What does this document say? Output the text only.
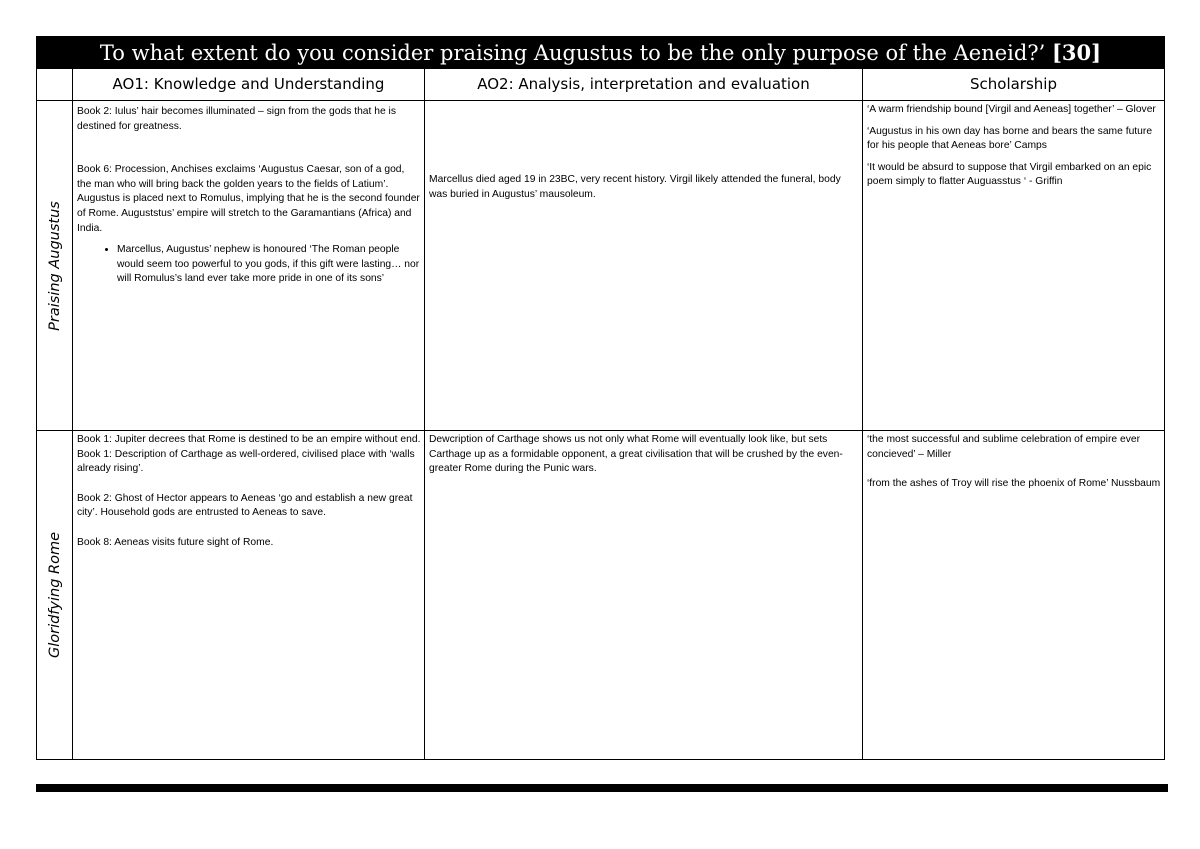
To what extent do you consider praising Augustus to be the only purpose of the Aeneid?’ [30]
AO1: Knowledge and Understanding	AO2: Analysis, interpretation and evaluation	Scholarship
Praising Augustus

Book 2: Iulus’ hair becomes illuminated – sign from the gods that he is destined for greatness.

Book 6: Procession, Anchises exclaims ‘Augustus Caesar, son of a god, the man who will bring back the golden years to the fields of Latium’. Augustus is placed next to Romulus, implying that he is the second founder of Rome. Auguststus’ empire will stretch to the Garamantians (Africa) and India.

• Marcellus, Augustus’ nephew is honoured ‘The Roman people would seem too powerful to you gods, if this gift were lasting… nor will Romulus’s land ever take more pride in one of its sons’

Marcellus died aged 19 in 23BC, very recent history. Virgil likely attended the funeral, body was buried in Augustus’ mausoleum.

‘A warm friendship bound [Virgil and Aeneas] together’ – Glover

‘Augustus in his own day has borne and bears the same future for his people that Aeneas bore’ Camps

‘It would be absurd to suppose that Virgil embarked on an epic poem simply to flatter Auguasstus ‘ - Griffin

Gloridfying Rome

Book 1: Jupiter decrees that Rome is destined to be an empire without end.

Book 1: Description of Carthage as well-ordered, civilised place with ‘walls already rising’.

Book 2: Ghost of Hector appears to Aeneas ‘go and establish a new great city’. Household gods are entrusted to Aeneas to save.

Book 8: Aeneas visits future sight of Rome.

Dewcription of Carthage shows us not only what Rome will eventually look like, but sets Carthage up as a formidable opponent, a great civilisation that will be crushed by the even-greater Rome during the Punic wars.

‘the most successful and sublime celebration of empire ever concieved’ – Miller

‘from the ashes of Troy will rise the phoenix of Rome’ Nussbaum
